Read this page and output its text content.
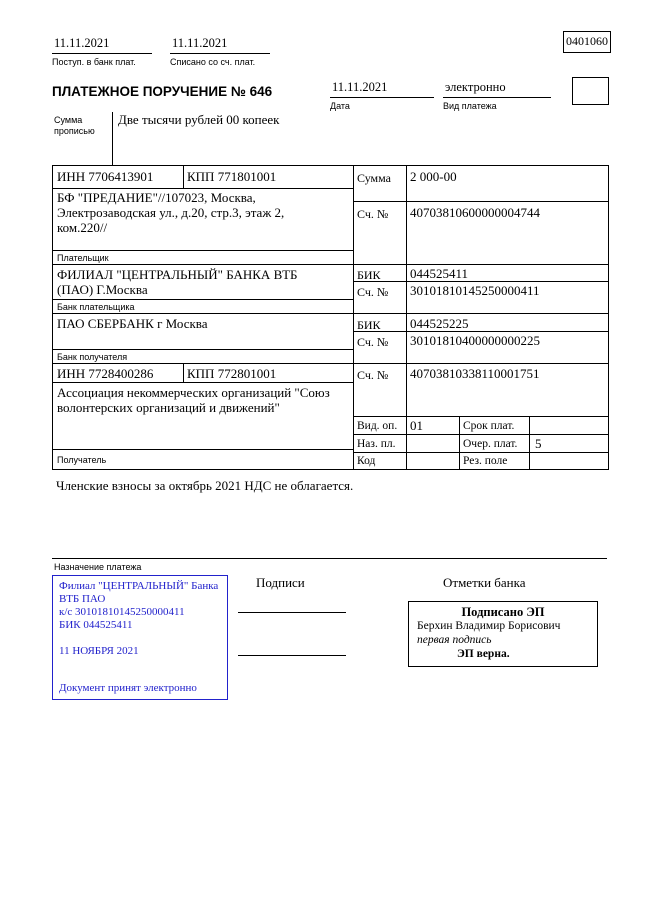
11.11.2021
Поступ. в банк плат.
11.11.2021
Списано со сч. плат.
0401060
ПЛАТЕЖНОЕ ПОРУЧЕНИЕ № 646	11.11.2021
Дата
электронно
Вид платежа
Сумма прописью
Две тысячи рублей 00 копеек
ИНН 7706413901	КПП 771801001	Сумма 2 000-00
БФ "ПРЕДАНИЕ"//107023, Москва, Электрозаводская ул., д.20, стр.3, этаж 2, ком.220//
Сч. № 40703810600000004744
Плательщик
ФИЛИАЛ "ЦЕНТРАЛЬНЫЙ" БАНКА ВТБ (ПАО) Г.Москва
БИК 044525411
Сч. № 30101810145250000411
Банк плательщика
ПАО СБЕРБАНК г Москва	БИК 044525225
Сч. № 30101810400000000225
Банк получателя
ИНН 7728400286	КПП 772801001	Сч. № 40703810338110001751
Ассоциация некоммерческих организаций "Союз волонтерских организаций и движений"
Получатель
Вид. оп. 01	Срок плат.
Наз. пл.	Очер. плат. 5
Код	Рез. поле
Членские взносы за октябрь 2021 НДС не облагается.
Назначение платежа
Филиал "ЦЕНТРАЛЬНЫЙ" Банка ВТБ ПАО
к/с 30101810145250000411
БИК 044525411
11 НОЯБРЯ 2021
Документ принят электронно
Подписи	Отметки банка
Подписано ЭП
Берхин Владимир Борисович
первая подпись
ЭП верна.
